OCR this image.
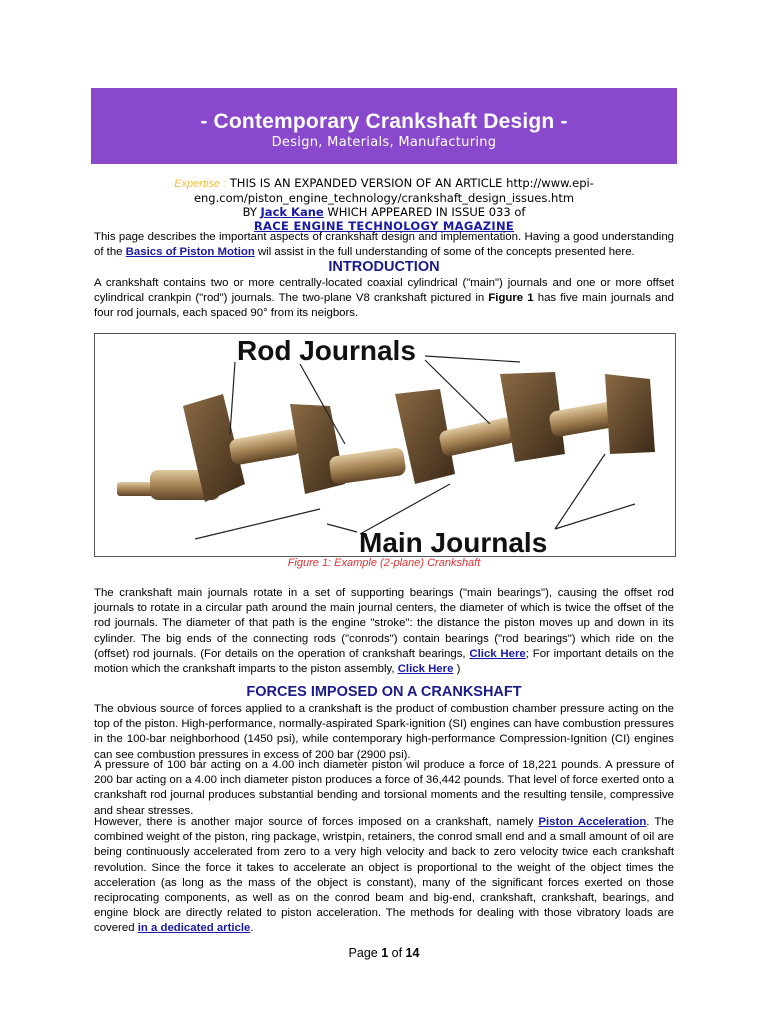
- Contemporary Crankshaft Design -
Design, Materials, Manufacturing
Expertise : THIS IS AN EXPANDED VERSION OF AN ARTICLE http://www.epi-
eng.com/piston_engine_technology/crankshaft_design_issues.htm
BY Jack Kane WHICH APPEARED IN ISSUE 033 of
RACE ENGINE TECHNOLOGY MAGAZINE

This page describes the important aspects of crankshaft design and implementation. Having a good understanding of the Basics of Piston Motion wil assist in the full understanding of some of the concepts presented here.

INTRODUCTION

A crankshaft contains two or more centrally-located coaxial cylindrical ("main") journals and one or more offset cylindrical crankpin ("rod") journals. The two-plane V8 crankshaft pictured in Figure 1 has five main journals and four rod journals, each spaced 90° from its neigbors.

Rod Journals
Main Journals
Figure 1: Example (2-plane) Crankshaft

The crankshaft main journals rotate in a set of supporting bearings ("main bearings"), causing the offset rod journals to rotate in a circular path around the main journal centers, the diameter of which is twice the offset of the rod journals. The diameter of that path is the engine "stroke": the distance the piston moves up and down in its cylinder. The big ends of the connecting rods ("conrods") contain bearings ("rod bearings") which ride on the (offset) rod journals. (For details on the operation of crankshaft bearings, Click Here; For important details on the motion which the crankshaft imparts to the piston assembly, Click Here )

FORCES IMPOSED ON A CRANKSHAFT

The obvious source of forces applied to a crankshaft is the product of combustion chamber pressure acting on the top of the piston. High-performance, normally-aspirated Spark-ignition (SI) engines can have combustion pressures in the 100-bar neighborhood (1450 psi), while contemporary high-performance Compression-Ignition (CI) engines can see combustion pressures in excess of 200 bar (2900 psi).

A pressure of 100 bar acting on a 4.00 inch diameter piston wil produce a force of 18,221 pounds. A pressure of 200 bar acting on a 4.00 inch diameter piston produces a force of 36,442 pounds. That level of force exerted onto a crankshaft rod journal produces substantial bending and torsional moments and the resulting tensile, compressive and shear stresses.

However, there is another major source of forces imposed on a crankshaft, namely Piston Acceleration. The combined weight of the piston, ring package, wristpin, retainers, the conrod small end and a small amount of oil are being continuously accelerated from zero to a very high velocity and back to zero velocity twice each crankshaft revolution. Since the force it takes to accelerate an object is proportional to the weight of the object times the acceleration (as long as the mass of the object is constant), many of the significant forces exerted on those reciprocating components, as well as on the conrod beam and big-end, crankshaft, crankshaft, bearings, and engine block are directly related to piston acceleration. The methods for dealing with those vibratory loads are covered in a dedicated article.

Page 1 of 14
